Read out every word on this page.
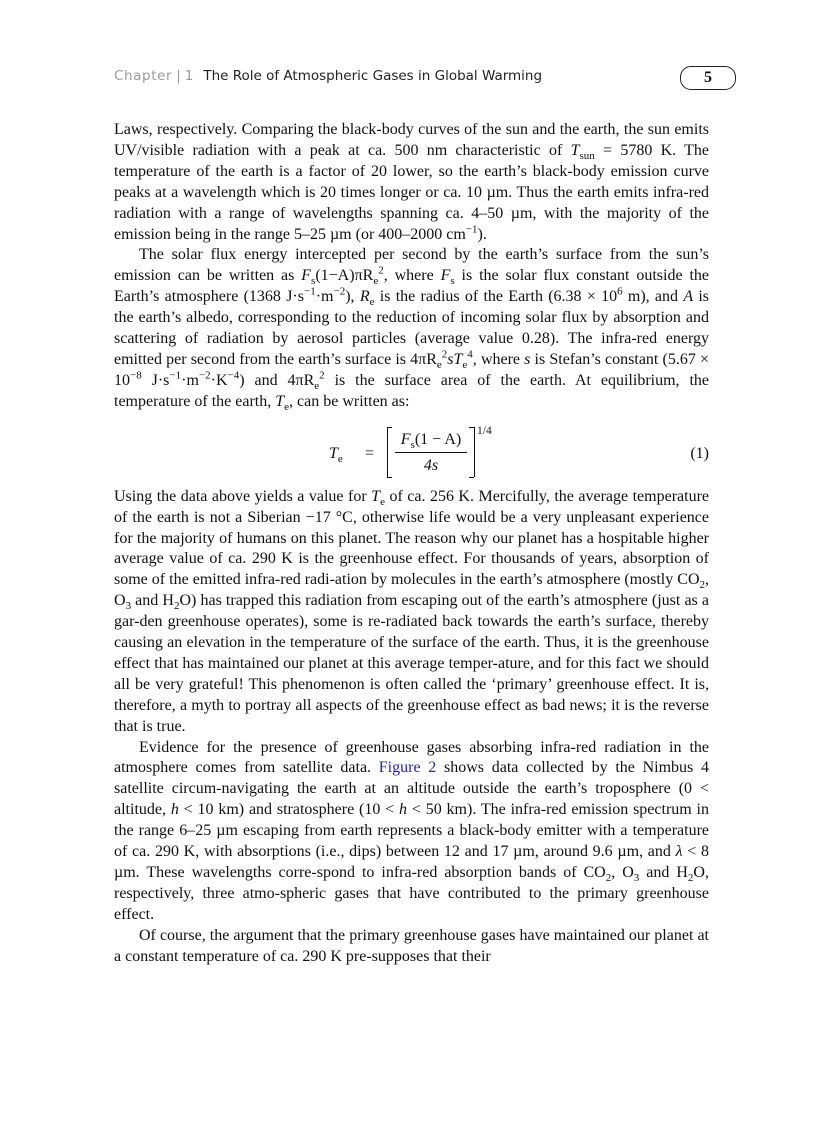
Chapter | 1 The Role of Atmospheric Gases in Global Warming	5

Laws, respectively. Comparing the black-body curves of the sun and the earth, the sun emits UV/visible radiation with a peak at ca. 500 nm characteristic of $T_{sun} = 5780$ K. The temperature of the earth is a factor of 20 lower, so the earth’s black-body emission curve peaks at a wavelength which is 20 times longer or ca. 10 µm. Thus the earth emits infra-red radiation with a range of wavelengths spanning ca. 4–50 µm, with the majority of the emission being in the range 5–25 µm (or 400–2000 $cm^{-1}$).

The solar flux energy intercepted per second by the earth’s surface from the sun’s emission can be written as $F_s(1-A)\pi R_e^2$, where $F_s$ is the solar flux constant outside the Earth’s atmosphere (1368 $J\cdot s^{-1}\cdot m^{-2}$), $R_e$ is the radius of the Earth ($6.38 \times 10^6$ m), and A is the earth’s albedo, corresponding to the reduction of incoming solar flux by absorption and scattering of radiation by aerosol particles (average value 0.28). The infra-red energy emitted per second from the earth’s surface is $4\pi R_e^2sT_e^4$, where s is Stefan’s constant ($5.67 \times 10^{-8}$ $J\cdot s^{-1}\cdot m^{-2}\cdot K^{-4}$) and $4\pi R_e^2$ is the surface area of the earth. At equilibrium, the temperature of the earth, $T_e$, can be written as:

$T_e$ =
$F_s(1 - A)$
4s
1/4
(1)

Using the data above yields a value for $T_e$ of ca. 256 K. Mercifully, the average temperature of the earth is not a Siberian −17 °C, otherwise life would be a very unpleasant experience for the majority of humans on this planet. The reason why our planet has a hospitable higher average value of ca. 290 K is the greenhouse effect. For thousands of years, absorption of some of the emitted infra-red radi-ation by molecules in the earth’s atmosphere (mostly $CO_2$, $O_3$ and $H_2O$) has trapped this radiation from escaping out of the earth’s atmosphere (just as a gar-den greenhouse operates), some is re-radiated back towards the earth’s surface, thereby causing an elevation in the temperature of the surface of the earth. Thus, it is the greenhouse effect that has maintained our planet at this average temper-ature, and for this fact we should all be very grateful! This phenomenon is often called the ‘primary’ greenhouse effect. It is, therefore, a myth to portray all aspects of the greenhouse effect as bad news; it is the reverse that is true.

Evidence for the presence of greenhouse gases absorbing infra-red radiation in the atmosphere comes from satellite data. Figure 2 shows data collected by the Nimbus 4 satellite circum-navigating the earth at an altitude outside the earth’s troposphere (0 < altitude, h < 10 km) and stratosphere (10 < h < 50 km). The infra-red emission spectrum in the range 6–25 µm escaping from earth represents a black-body emitter with a temperature of ca. 290 K, with absorptions (i.e., dips) between 12 and 17 µm, around 9.6 µm, and λ < 8 µm. These wavelengths corre-spond to infra-red absorption bands of $CO_2$, $O_3$ and $H_2O$, respectively, three atmo-spheric gases that have contributed to the primary greenhouse effect.

Of course, the argument that the primary greenhouse gases have maintained our planet at a constant temperature of ca. 290 K pre-supposes that their
